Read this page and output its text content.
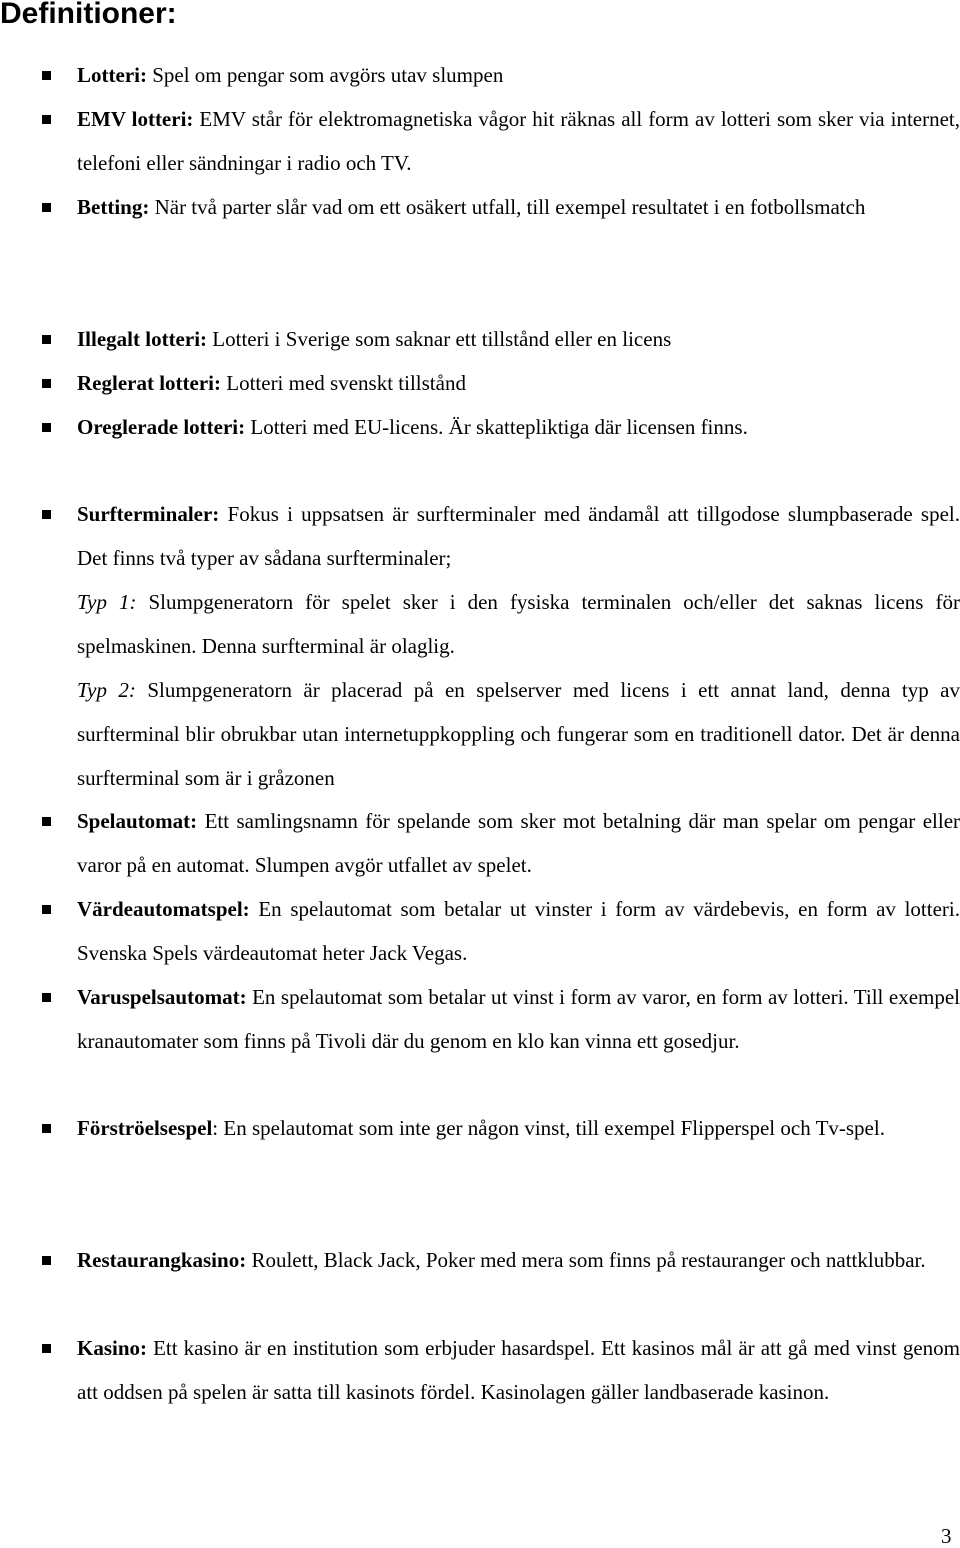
Definitioner:
Lotteri: Spel om pengar som avgörs utav slumpen
EMV lotteri: EMV står för elektromagnetiska vågor hit räknas all form av lotteri som sker via internet, telefoni eller sändningar i radio och TV.
Betting: När två parter slår vad om ett osäkert utfall, till exempel resultatet i en fotbollsmatch
Illegalt lotteri: Lotteri i Sverige som saknar ett tillstånd eller en licens
Reglerat lotteri: Lotteri med svenskt tillstånd
Oreglerade lotteri: Lotteri med EU-licens. Är skattepliktiga där licensen finns.
Surfterminaler: Fokus i uppsatsen är surfterminaler med ändamål att tillgodose slumpbaserade spel. Det finns två typer av sådana surfterminaler;
Typ 1: Slumpgeneratorn för spelet sker i den fysiska terminalen och/eller det saknas licens för spelmaskinen. Denna surfterminal är olaglig.
Typ 2: Slumpgeneratorn är placerad på en spelserver med licens i ett annat land, denna typ av surfterminal blir obrukbar utan internetuppkoppling och fungerar som en traditionell dator. Det är denna surfterminal som är i gråzonen
Spelautomat: Ett samlingsnamn för spelande som sker mot betalning där man spelar om pengar eller varor på en automat. Slumpen avgör utfallet av spelet.
Värdeautomatspel: En spelautomat som betalar ut vinster i form av värdebevis, en form av lotteri. Svenska Spels värdeautomat heter Jack Vegas.
Varuspelsautomat: En spelautomat som betalar ut vinst i form av varor, en form av lotteri. Till exempel kranautomater som finns på Tivoli där du genom en klo kan vinna ett gosedjur.
Förströelsespel: En spelautomat som inte ger någon vinst, till exempel Flipperspel och Tv-spel.
Restaurangkasino: Roulett, Black Jack, Poker med mera som finns på restauranger och nattklubbar.
Kasino: Ett kasino är en institution som erbjuder hasardspel. Ett kasinos mål är att gå med vinst genom att oddsen på spelen är satta till kasinots fördel. Kasinolagen gäller landbaserade kasinon.
3
